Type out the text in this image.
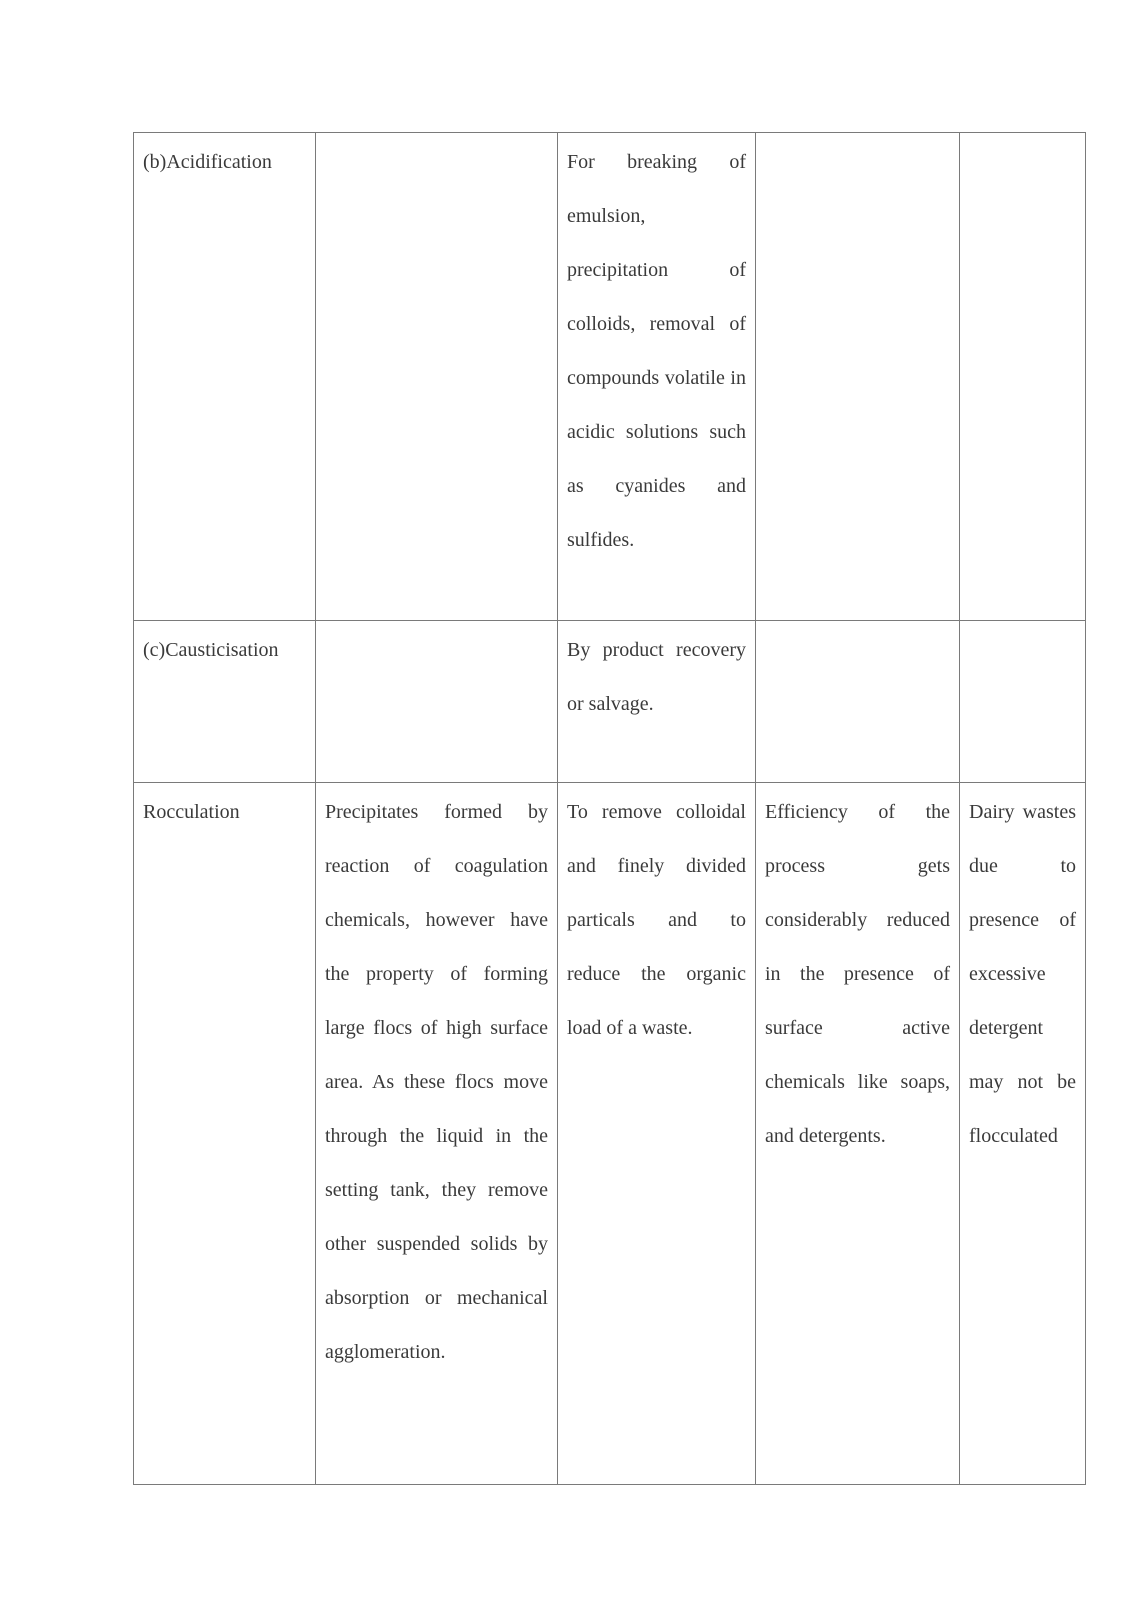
(b)Acidification		For breaking of emulsion, precipitation of colloids, removal of compounds volatile in acidic solutions such as cyanides and sulfides.		

(c)Causticisation		By product recovery or salvage.		

Rocculation	Precipitates formed by reaction of coagulation chemicals, however have the property of forming large flocs of high surface area. As these flocs move through the liquid in the setting tank, they remove other suspended solids by absorption or mechanical agglomeration.	To remove colloidal and finely divided particals and to reduce the organic load of a waste.	Efficiency of the process gets considerably reduced in the presence of surface active chemicals like soaps, and detergents.	Dairy wastes due to presence of excessive detergent may not be flocculated
